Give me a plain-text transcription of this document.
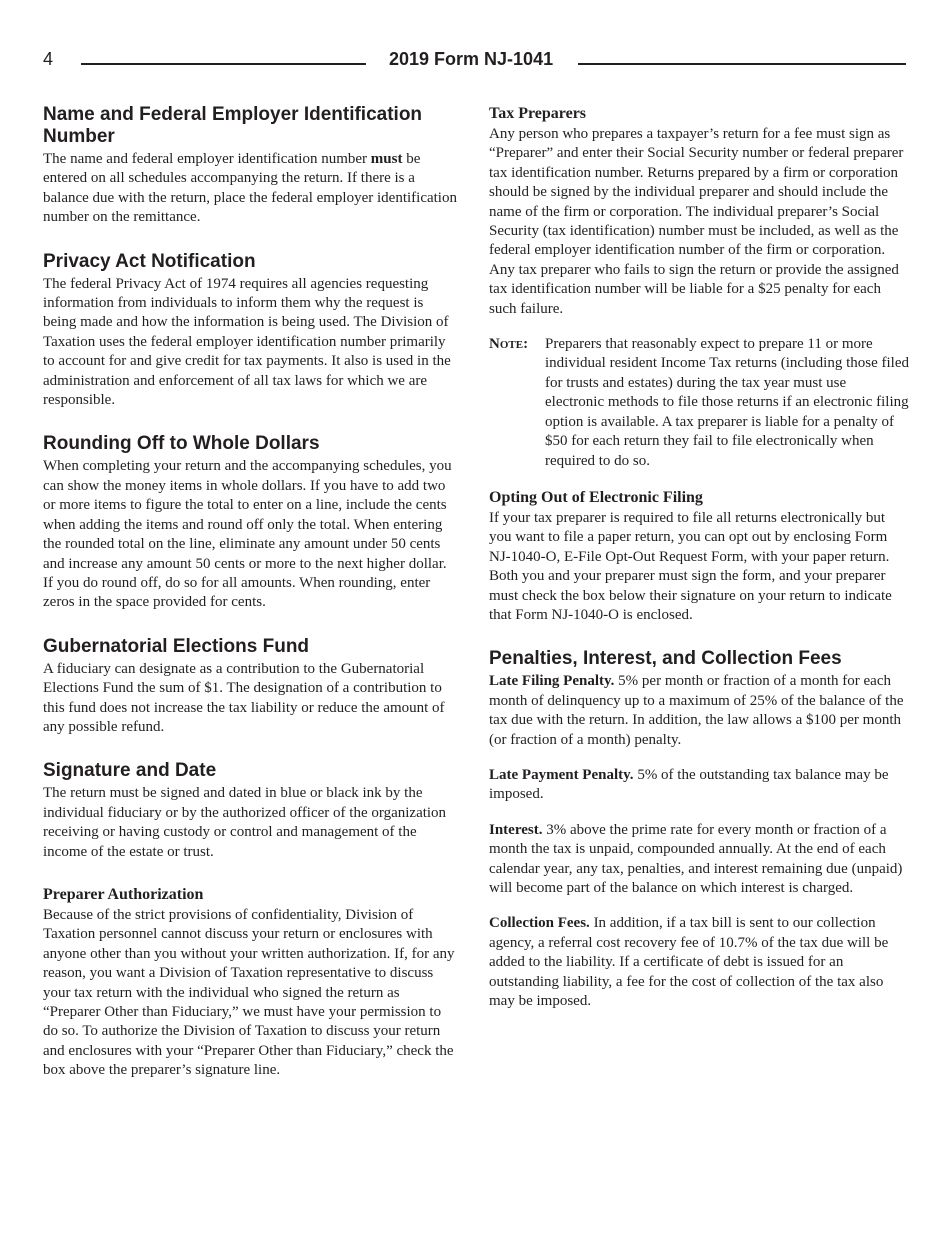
4	2019 Form NJ-1041
Name and Federal Employer Identification Number

The name and federal employer identification number must be entered on all schedules accompanying the return. If there is a balance due with the return, place the federal employer identification number on the remittance.

Privacy Act Notification

The federal Privacy Act of 1974 requires all agencies requesting information from individuals to inform them why the request is being made and how the information is being used. The Division of Taxation uses the federal employer identification number primarily to account for and give credit for tax payments. It also is used in the administration and enforcement of all tax laws for which we are responsible.

Rounding Off to Whole Dollars

When completing your return and the accompanying schedules, you can show the money items in whole dollars. If you have to add two or more items to figure the total to enter on a line, include the cents when adding the items and round off only the total. When entering the rounded total on the line, eliminate any amount under 50 cents and increase any amount 50 cents or more to the next higher dollar. If you do round off, do so for all amounts. When rounding, enter zeros in the space provided for cents.

Gubernatorial Elections Fund

A fiduciary can designate as a contribution to the Gubernatorial Elections Fund the sum of $1. The designation of a contribution to this fund does not increase the tax liability or reduce the amount of any possible refund.

Signature and Date

The return must be signed and dated in blue or black ink by the individual fiduciary or by the authorized officer of the organization receiving or having custody or control and management of the income of the estate or trust.

Preparer Authorization

Because of the strict provisions of confidentiality, Division of Taxation personnel cannot discuss your return or enclosures with anyone other than you without your written authorization. If, for any reason, you want a Division of Taxation representative to discuss your tax return with the individual who signed the return as “Preparer Other than Fiduciary,” we must have your permission to do so. To authorize the Division of Taxation to discuss your return and enclosures with your “Preparer Other than Fiduciary,” check the box above the preparer’s signature line.

Tax Preparers

Any person who prepares a taxpayer’s return for a fee must sign as “Preparer” and enter their Social Security number or federal preparer tax identification number. Returns prepared by a firm or corporation should be signed by the individual preparer and should include the name of the firm or corporation. The individual preparer’s Social Security (tax identification) number must be included, as well as the federal employer identification number of the firm or corporation. Any tax preparer who fails to sign the return or provide the assigned tax identification number will be liable for a $25 penalty for each such failure.

Note: Preparers that reasonably expect to prepare 11 or more individual resident Income Tax returns (including those filed for trusts and estates) during the tax year must use electronic methods to file those returns if an electronic filing option is available. A tax preparer is liable for a penalty of $50 for each return they fail to file electronically when required to do so.

Opting Out of Electronic Filing

If your tax preparer is required to file all returns electronically but you want to file a paper return, you can opt out by enclosing Form NJ-1040-O, E-File Opt-Out Request Form, with your paper return. Both you and your preparer must sign the form, and your preparer must check the box below their signature on your return to indicate that Form NJ-1040-O is enclosed.

Penalties, Interest, and Collection Fees

Late Filing Penalty. 5% per month or fraction of a month for each month of delinquency up to a maximum of 25% of the balance of the tax due with the return. In addition, the law allows a $100 per month (or fraction of a month) penalty.

Late Payment Penalty. 5% of the outstanding tax balance may be imposed.

Interest. 3% above the prime rate for every month or fraction of a month the tax is unpaid, compounded annually. At the end of each calendar year, any tax, penalties, and interest remaining due (unpaid) will become part of the balance on which interest is charged.

Collection Fees. In addition, if a tax bill is sent to our collection agency, a referral cost recovery fee of 10.7% of the tax due will be added to the liability. If a certificate of debt is issued for an outstanding liability, a fee for the cost of collection of the tax also may be imposed.
